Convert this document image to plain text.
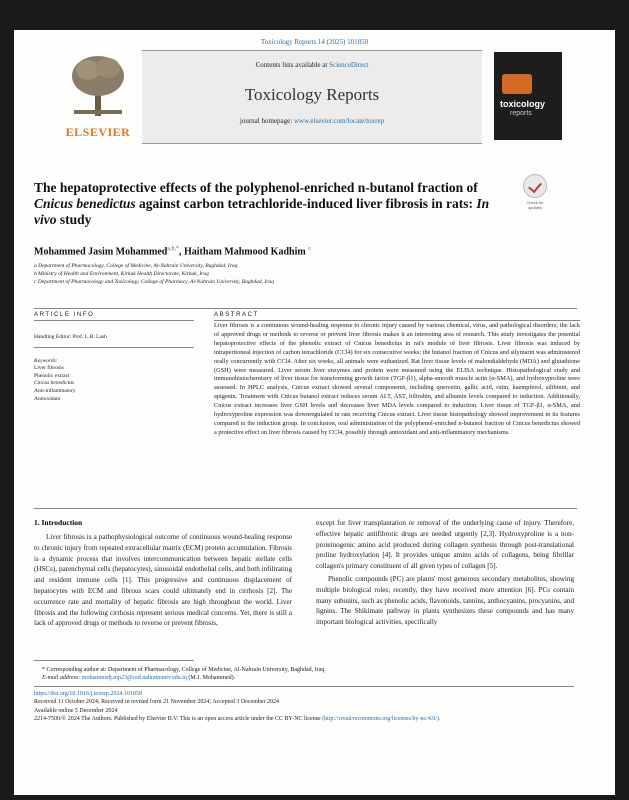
Toxicology Reports 14 (2025) 101850
ELSEVIER
Contents lists available at ScienceDirect
Toxicology Reports
journal homepage: www.elsevier.com/locate/toxrep
toxicology
reports
The hepatoprotective effects of the polyphenol-enriched n-butanol fraction of Cnicus benedictus against carbon tetrachloride-induced liver fibrosis in rats: In vivo study
Check for updates
Mohammed Jasim Mohammed$^{a,b,*}$, Haitham Mahmood Kadhim $^c$
a Department of Pharmacology, College of Medicine, Al-Nahrain University, Baghdad, Iraq
b Ministry of Health and Environment, Kirkuk Health Directorate, Kirkuk, Iraq
c Department of Pharmacology and Toxicology, College of Pharmacy, Al-Nahrain University, Baghdad, Iraq
ARTICLE INFO	ABSTRACT
Handling Editor: Prof. L.H. Lash
Keywords:
Liver fibrosis
Phenolic extract
Cnicus benedictus
Anti-inflammatory
Antioxidant
Liver fibrosis is a continuous wound-healing response to chronic injury caused by various chemical, virus, and pathological disorders; the lack of approved drugs or methods to reverse or prevent liver fibrosis makes it an interesting area of research. This study investigates the potential hepatoprotective effects of the phenolic extract of Cnicus benedictus in rat's module of liver fibrosis. Liver fibrosis was induced by intraperitoneal injection of carbon tetrachloride (CCl4) for six consecutive weeks; the butanol fraction of Cnicus and silymarin was administered orally concurrently with CCl4. After six weeks, all animals were euthanized. Rat liver tissue levels of malondialdehyde (MDA) and glutathione (GSH) were measured. Liver serum liver enzymes and protein were measured using the ELISA technique. Histopathological study and immunohistochemistry of liver tissue for transforming growth factor (TGF-β1), alpha-smooth muscle actin (α-SMA), and hydroxyproline were assessed. In HPLC analysis, Cnicus extract showed several components, including quercetin, gallic acid, rutin, kaempferol, silibinin, and apigenin. Treatment with Cnicus butanol extract reduces serum ALT, AST, bilirubin, and albumin levels compared to induction. Additionally, Cnicus extract increases liver GSH levels and decreases liver MDA levels compared to induction. Liver tissue of TGF-β1, α-SMA, and hydroxyproline expression was downregulated in rats receiving Cnicus extract. Liver tissue histopathology showed improvement in its features compared to the induction group. In conclusion, oral administration of the polyphenol-enriched n-butanol fraction of Cnicus benedictus showed a protective effect on liver fibrosis caused by CCl4, possibly through antioxidant and anti-inflammatory mechanisms.
1. Introduction

Liver fibrosis is a pathophysiological outcome of continuous wound-healing response to chronic injury from repeated extracellular matrix (ECM) protein accumulation. Fibrosis is a dynamic process that involves intercommunication between hepatic stellate cells (HSCs), parenchymal cells (hepatocytes), sinusoidal endothelial cells, and both infiltrating and resident immune cells [1]. This progressive and continuous displacement of hepatocytes with ECM and fibrous scars could ultimately end in cirrhosis [2]. The occurrence rate and mortality of hepatic fibrosis are high throughout the world. Liver fibrosis and the following cirrhosis represent serious medical concerns. Yet, there is still a lack of approved drugs or methods to reverse or prevent fibrosis,

except for liver transplantation or removal of the underlying cause of injury. Therefore, effective hepatic antifibrotic drugs are needed urgently [2,3]. Hydroxyproline is a non-proteinogenic amino acid produced during collagen synthesis through post-translational proline hydroxylation [4]. It provides unique amino acids of collagens, being fibrillar collagen's primary constituent of all given types of collagen [5].

Phenolic compounds (PC) are plants' most generous secondary metabolites, showing multiple biological roles; recently, they have received more attention [6]. PCs contain many subunits, such as phenolic acids, flavonoids, tannins, anthocyanins, procyanins, and lignins. The Shikimate pathway in plants synthesizes these compounds and has many important biological activities, specifically

* Corresponding author at: Department of Pharmacology, College of Medicine, Al-Nahrain University, Baghdad, Iraq.
E-mail address: mohammedj.mp23@ced.nahrainuniv.edu.iq (M.J. Mohammed).
https://doi.org/10.1016/j.toxrep.2024.101850
Received 11 October 2024; Received in revised form 21 November 2024; Accepted 3 December 2024
Available online 5 December 2024
2214-7500/© 2024 The Authors. Published by Elsevier B.V. This is an open access article under the CC BY-NC license (http://creativecommons.org/licenses/by-nc/4.0/).
